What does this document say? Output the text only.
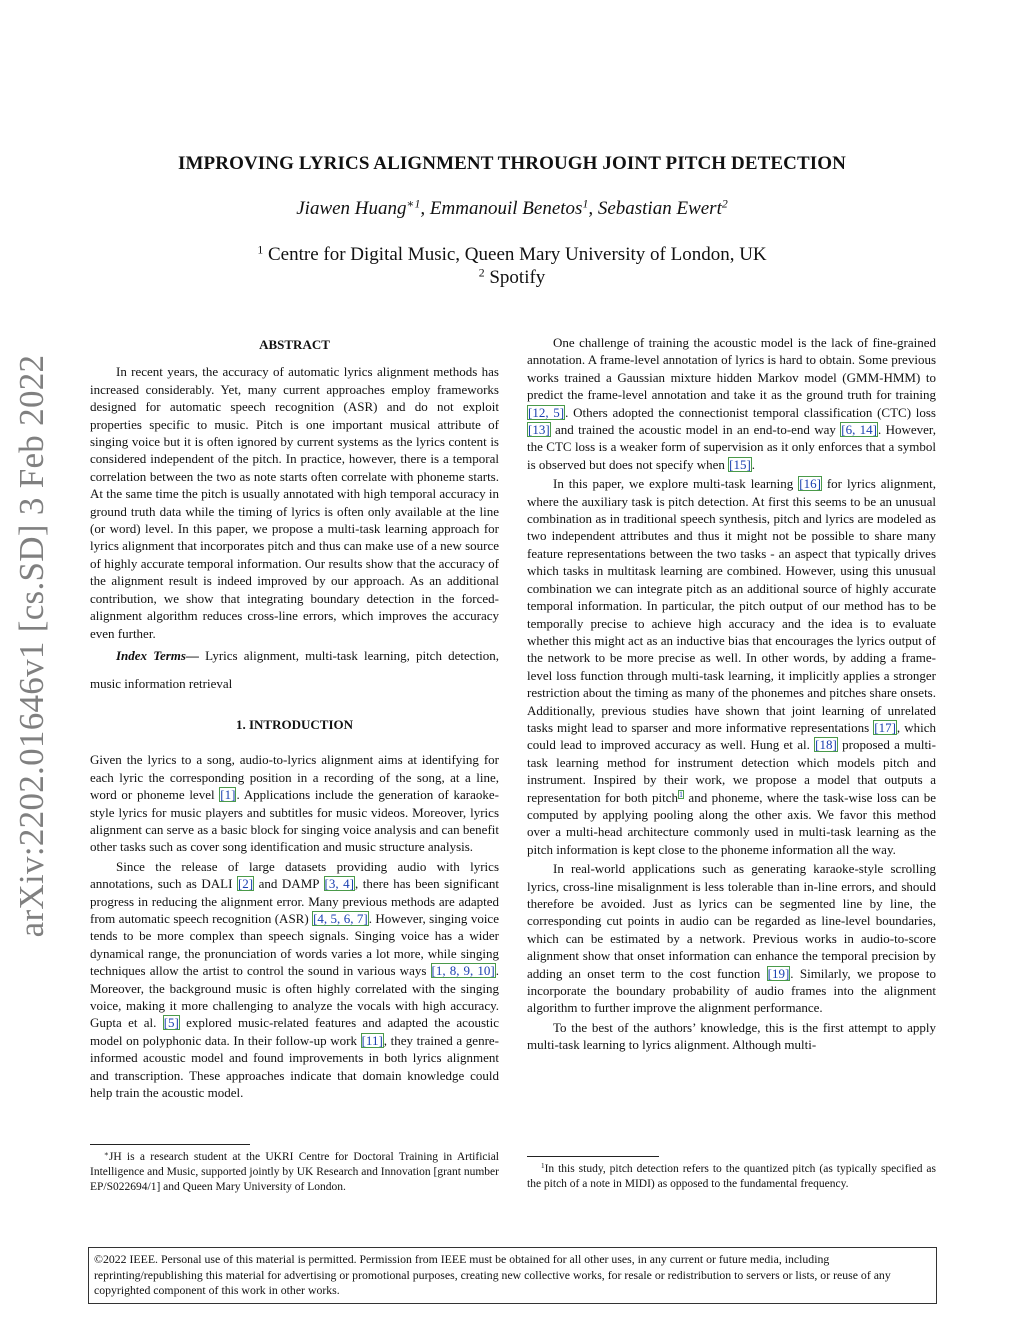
arXiv:2202.01646v1 [cs.SD] 3 Feb 2022
IMPROVING LYRICS ALIGNMENT THROUGH JOINT PITCH DETECTION
Jiawen Huang$^{∗1}$, Emmanouil Benetos$^1$, Sebastian Ewert$^2$
$^1$ Centre for Digital Music, Queen Mary University of London, UK
$^2$ Spotify
ABSTRACT

In recent years, the accuracy of automatic lyrics alignment methods has increased considerably. Yet, many current approaches employ frameworks designed for automatic speech recognition (ASR) and do not exploit properties specific to music. Pitch is one important musical attribute of singing voice but it is often ignored by current systems as the lyrics content is considered independent of the pitch. In practice, however, there is a temporal correlation between the two as note starts often correlate with phoneme starts. At the same time the pitch is usually annotated with high temporal accuracy in ground truth data while the timing of lyrics is often only available at the line (or word) level. In this paper, we propose a multi-task learning approach for lyrics alignment that incorporates pitch and thus can make use of a new source of highly accurate temporal information. Our results show that the accuracy of the alignment result is indeed improved by our approach. As an additional contribution, we show that integrating boundary detection in the forced-alignment algorithm reduces cross-line errors, which improves the accuracy even further.

Index Terms— Lyrics alignment, multi-task learning, pitch detection, music information retrieval

1. INTRODUCTION

Given the lyrics to a song, audio-to-lyrics alignment aims at identifying for each lyric the corresponding position in a recording of the song, at a line, word or phoneme level [1]. Applications include the generation of karaoke-style lyrics for music players and subtitles for music videos. Moreover, lyrics alignment can serve as a basic block for singing voice analysis and can benefit other tasks such as cover song identification and music structure analysis.

Since the release of large datasets providing audio with lyrics annotations, such as DALI [2] and DAMP [3, 4], there has been significant progress in reducing the alignment error. Many previous methods are adapted from automatic speech recognition (ASR) [4, 5, 6, 7]. However, singing voice tends to be more complex than speech signals. Singing voice has a wider dynamical range, the pronunciation of words varies a lot more, while singing techniques allow the artist to control the sound in various ways [1, 8, 9, 10]. Moreover, the background music is often highly correlated with the singing voice, making it more challenging to analyze the vocals with high accuracy. Gupta et al. [5] explored music-related features and adapted the acoustic model on polyphonic data. In their follow-up work [11], they trained a genre-informed acoustic model and found improvements in both lyrics alignment and transcription. These approaches indicate that domain knowledge could help train the acoustic model.

∗JH is a research student at the UKRI Centre for Doctoral Training in Artificial Intelligence and Music, supported jointly by UK Research and Innovation [grant number EP/S022694/1] and Queen Mary University of London.

One challenge of training the acoustic model is the lack of fine-grained annotation. A frame-level annotation of lyrics is hard to obtain. Some previous works trained a Gaussian mixture hidden Markov model (GMM-HMM) to predict the frame-level annotation and take it as the ground truth for training [12, 5]. Others adopted the connectionist temporal classification (CTC) loss [13] and trained the acoustic model in an end-to-end way [6, 14]. However, the CTC loss is a weaker form of supervision as it only enforces that a symbol is observed but does not specify when [15].

In this paper, we explore multi-task learning [16] for lyrics alignment, where the auxiliary task is pitch detection. At first this seems to be an unusual combination as in traditional speech synthesis, pitch and lyrics are modeled as two independent attributes and thus it might not be possible to share many feature representations between the two tasks - an aspect that typically drives which tasks in multitask learning are combined. However, using this unusual combination we can integrate pitch as an additional source of highly accurate temporal information. In particular, the pitch output of our method has to be temporally precise to achieve high accuracy and the idea is to evaluate whether this might act as an inductive bias that encourages the lyrics output of the network to be more precise as well. In other words, by adding a frame-level loss function through multi-task learning, it implicitly applies a stronger restriction about the timing as many of the phonemes and pitches share onsets. Additionally, previous studies have shown that joint learning of unrelated tasks might lead to sparser and more informative representations [17], which could lead to improved accuracy as well. Hung et al. [18] proposed a multi-task learning method for instrument detection which models pitch and instrument. Inspired by their work, we propose a model that outputs a representation for both pitch$^1$ and phoneme, where the task-wise loss can be computed by applying pooling along the other axis. We favor this method over a multi-head architecture commonly used in multi-task learning as the pitch information is kept close to the phoneme information all the way.

In real-world applications such as generating karaoke-style scrolling lyrics, cross-line misalignment is less tolerable than in-line errors, and should therefore be avoided. Just as lyrics can be segmented line by line, the corresponding cut points in audio can be regarded as line-level boundaries, which can be estimated by a network. Previous works in audio-to-score alignment show that onset information can enhance the temporal precision by adding an onset term to the cost function [19]. Similarly, we propose to incorporate the boundary probability of audio frames into the alignment algorithm to further improve the alignment performance.

To the best of the authors’ knowledge, this is the first attempt to apply multi-task learning to lyrics alignment. Although multi-

$^1$In this study, pitch detection refers to the quantized pitch (as typically specified as the pitch of a note in MIDI) as opposed to the fundamental frequency.

©2022 IEEE. Personal use of this material is permitted. Permission from IEEE must be obtained for all other uses, in any current or future media, including reprinting/republishing this material for advertising or promotional purposes, creating new collective works, for resale or redistribution to servers or lists, or reuse of any copyrighted component of this work in other works.
